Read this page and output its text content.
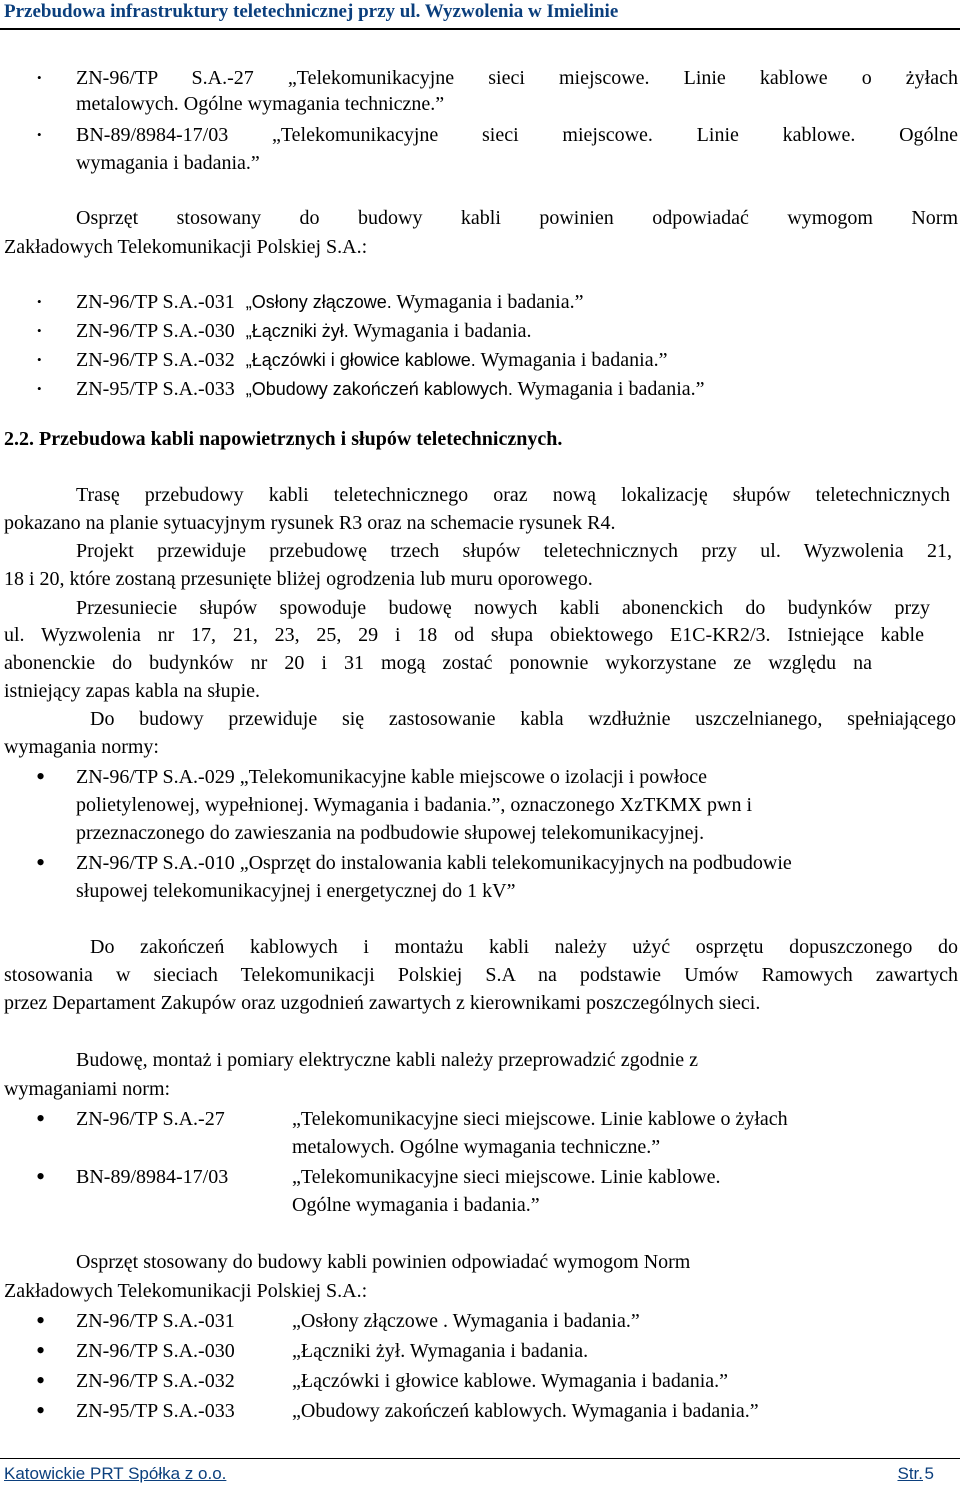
Przebudowa infrastruktury teletechnicznej przy ul. Wyzwolenia w Imielinie
• ZN-96/TP S.A.-27 „Telekomunikacyjne sieci miejscowe. Linie kablowe o żyłach
metalowych. Ogólne wymagania techniczne.”
• BN-89/8984-17/03 „Telekomunikacyjne sieci miejscowe. Linie kablowe. Ogólne
wymagania i badania.”
Osprzęt stosowany do budowy kabli powinien odpowiadać wymogom Norm
Zakładowych Telekomunikacji Polskiej S.A.:
• ZN-96/TP S.A.-031 „Osłony złączowe. Wymagania i badania.”
• ZN-96/TP S.A.-030 „Łączniki żył. Wymagania i badania.
• ZN-96/TP S.A.-032 „Łączówki i głowice kablowe. Wymagania i badania.”
• ZN-95/TP S.A.-033 „Obudowy zakończeń kablowych. Wymagania i badania.”
2.2. Przebudowa kabli napowietrznych i słupów teletechnicznych.
Trasę przebudowy kabli teletechnicznego oraz nową lokalizację słupów teletechnicznych
pokazano na planie sytuacyjnym rysunek R3 oraz na schemacie rysunek R4.
Projekt przewiduje przebudowę trzech słupów teletechnicznych przy ul. Wyzwolenia 21,
18 i 20, które zostaną przesunięte bliżej ogrodzenia lub muru oporowego.
Przesuniecie słupów spowoduje budowę nowych kabli abonenckich do budynków przy
ul. Wyzwolenia nr 17, 21, 23, 25, 29 i 18 od słupa obiektowego E1C-KR2/3. Istniejące kable
abonenckie do budynków nr 20 i 31 mogą zostać ponownie wykorzystane ze względu na
istniejący zapas kabla na słupie.
Do budowy przewiduje się zastosowanie kabla wzdłużnie uszczelnianego, spełniającego
wymagania normy:
• ZN-96/TP S.A.-029 „Telekomunikacyjne kable miejscowe o izolacji i powłoce
polietylenowej, wypełnionej. Wymagania i badania.”, oznaczonego XzTKMX pwn i
przeznaczonego do zawieszania na podbudowie słupowej telekomunikacyjnej.
• ZN-96/TP S.A.-010 „Osprzęt do instalowania kabli telekomunikacyjnych na podbudowie
słupowej telekomunikacyjnej i energetycznej do 1 kV”
Do zakończeń kablowych i montażu kabli należy użyć osprzętu dopuszczonego do
stosowania w sieciach Telekomunikacji Polskiej S.A na podstawie Umów Ramowych zawartych
przez Departament Zakupów oraz uzgodnień zawartych z kierownikami poszczególnych sieci.
Budowę, montaż i pomiary elektryczne kabli należy przeprowadzić zgodnie z
wymaganiami norm:
• ZN-96/TP S.A.-27	„Telekomunikacyjne sieci miejscowe. Linie kablowe o żyłach
metalowych. Ogólne wymagania techniczne.”
• BN-89/8984-17/03	„Telekomunikacyjne sieci miejscowe. Linie kablowe.
Ogólne wymagania i badania.”
Osprzęt stosowany do budowy kabli powinien odpowiadać wymogom Norm
Zakładowych Telekomunikacji Polskiej S.A.:
• ZN-96/TP S.A.-031	„Osłony złączowe . Wymagania i badania.”
• ZN-96/TP S.A.-030	„Łączniki żył. Wymagania i badania.
• ZN-96/TP S.A.-032	„Łączówki i głowice kablowe. Wymagania i badania.”
• ZN-95/TP S.A.-033	„Obudowy zakończeń kablowych. Wymagania i badania.”
Katowickie PRT Spółka z o.o.	Str. 5
